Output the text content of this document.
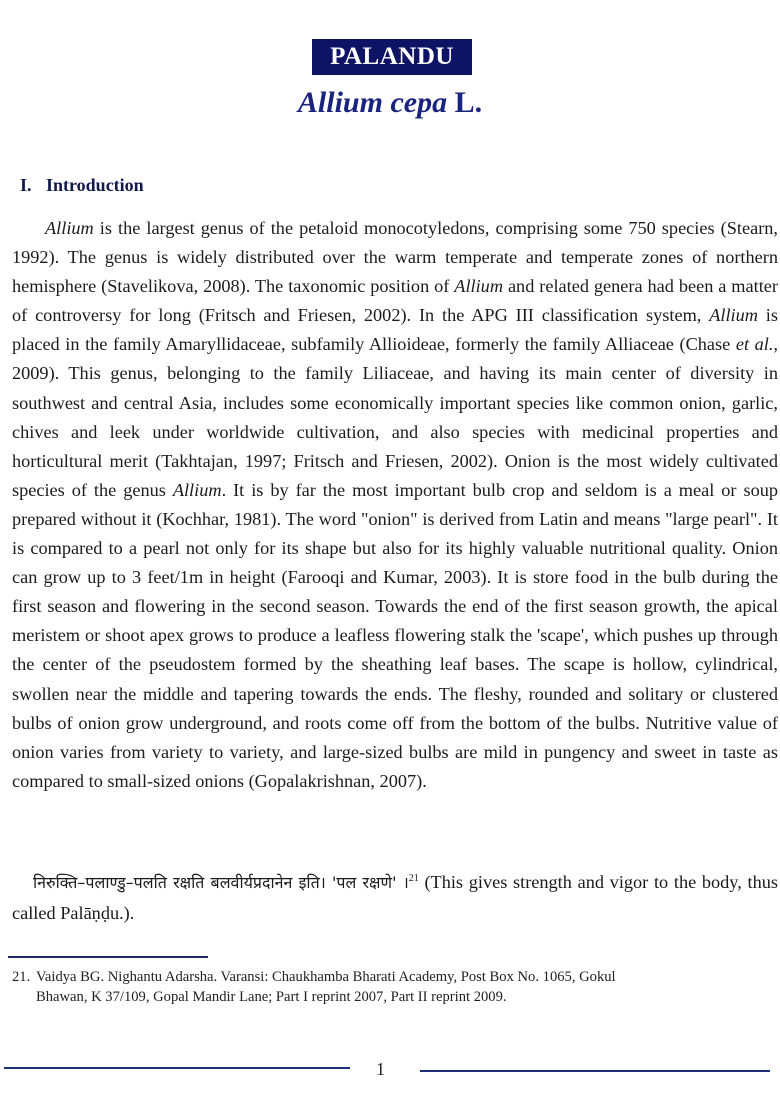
PALANDU
Allium cepa L.
I. Introduction

Allium is the largest genus of the petaloid monocotyledons, comprising some 750 species (Stearn, 1992). The genus is widely distributed over the warm temperate and temperate zones of northern hemisphere (Stavelikova, 2008). The taxonomic position of Allium and related genera had been a matter of controversy for long (Fritsch and Friesen, 2002). In the APG III classification system, Allium is placed in the family Amaryllidaceae, subfamily Allioideae, formerly the family Alliaceae (Chase et al., 2009). This genus, belonging to the family Liliaceae, and having its main center of diversity in southwest and central Asia, includes some economically important species like common onion, garlic, chives and leek under worldwide cultivation, and also species with medicinal properties and horticultural merit (Takhtajan, 1997; Fritsch and Friesen, 2002). Onion is the most widely cultivated species of the genus Allium. It is by far the most important bulb crop and seldom is a meal or soup prepared without it (Kochhar, 1981). The word "onion" is derived from Latin and means "large pearl". It is compared to a pearl not only for its shape but also for its highly valuable nutritional quality. Onion can grow up to 3 feet/1m in height (Farooqi and Kumar, 2003). It is store food in the bulb during the first season and flowering in the second season. Towards the end of the first season growth, the apical meristem or shoot apex grows to produce a leafless flowering stalk the 'scape', which pushes up through the center of the pseudostem formed by the sheathing leaf bases. The scape is hollow, cylindrical, swollen near the middle and tapering towards the ends. The fleshy, rounded and solitary or clustered bulbs of onion grow underground, and roots come off from the bottom of the bulbs. Nutritive value of onion varies from variety to variety, and large-sized bulbs are mild in pungency and sweet in taste as compared to small-sized onions (Gopalakrishnan, 2007).

निरुक्ति–पलाण्डु–पलति रक्षति बलवीर्यप्रदानेन इति। 'पल रक्षणे' ।$^{21}$ (This gives strength and vigor to the body, thus called Palāṇḍu.).
21. Vaidya BG. Nighantu Adarsha. Varansi: Chaukhamba Bharati Academy, Post Box No. 1065, Gokul
Bhawan, K 37/109, Gopal Mandir Lane; Part I reprint 2007, Part II reprint 2009.
1
